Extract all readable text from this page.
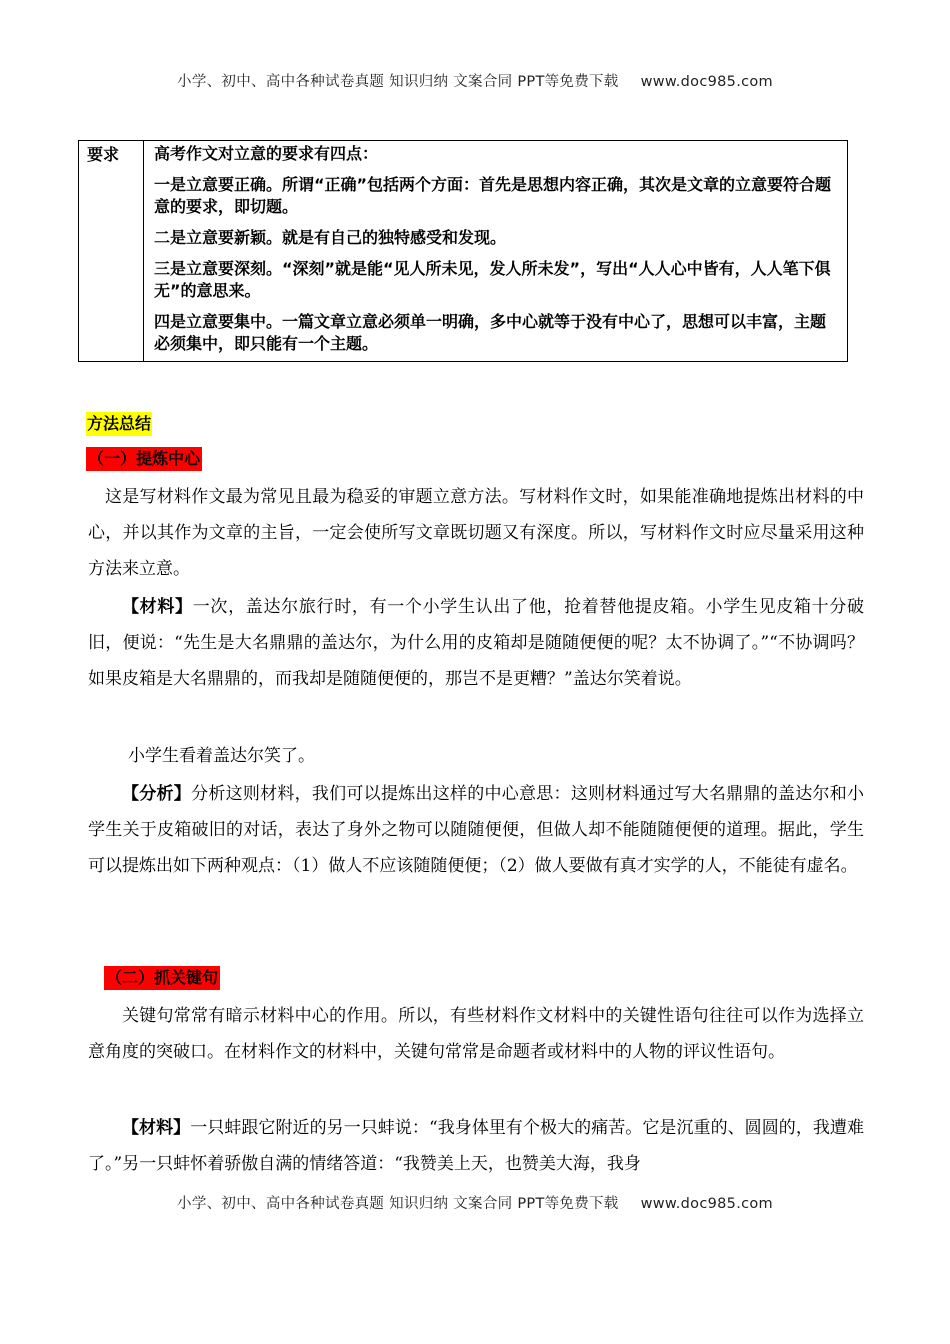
小学、初中、高中各种试卷真题 知识归纳 文案合同 PPT等免费下载 www.doc985.com
要求	高考作文对立意的要求有四点：

一是立意要正确。所谓“正确”包括两个方面：首先是思想内容正确，其次是文章的立意要符合题意的要求，即切题。

二是立意要新颖。就是有自己的独特感受和发现。

三是立意要深刻。“深刻”就是能“见人所未见，发人所未发”，写出“人人心中皆有，人人笔下俱无”的意思来。

四是立意要集中。一篇文章立意必须单一明确，多中心就等于没有中心了，思想可以丰富，主题必须集中，即只能有一个主题。

方法总结
（一）提炼中心

这是写材料作文最为常见且最为稳妥的审题立意方法。写材料作文时，如果能准确地提炼出材料的中心，并以其作为文章的主旨，一定会使所写文章既切题又有深度。所以，写材料作文时应尽量采用这种方法来立意。

【材料】一次，盖达尔旅行时，有一个小学生认出了他，抢着替他提皮箱。小学生见皮箱十分破旧，便说：“先生是大名鼎鼎的盖达尔，为什么用的皮箱却是随随便便的呢？太不协调了。”“不协调吗？如果皮箱是大名鼎鼎的，而我却是随随便便的，那岂不是更糟？”盖达尔笑着说。

小学生看着盖达尔笑了。

【分析】分析这则材料，我们可以提炼出这样的中心意思：这则材料通过写大名鼎鼎的盖达尔和小学生关于皮箱破旧的对话，表达了身外之物可以随随便便，但做人却不能随随便便的道理。据此，学生可以提炼出如下两种观点：（1）做人不应该随随便便；（2）做人要做有真才实学的人，不能徒有虚名。

（二）抓关键句

关键句常常有暗示材料中心的作用。所以，有些材料作文材料中的关键性语句往往可以作为选择立意角度的突破口。在材料作文的材料中，关键句常常是命题者或材料中的人物的评议性语句。

【材料】一只蚌跟它附近的另一只蚌说：“我身体里有个极大的痛苦。它是沉重的、圆圆的，我遭难了。”另一只蚌怀着骄傲自满的情绪答道：“我赞美上天，也赞美大海，我身

小学、初中、高中各种试卷真题 知识归纳 文案合同 PPT等免费下载 www.doc985.com
